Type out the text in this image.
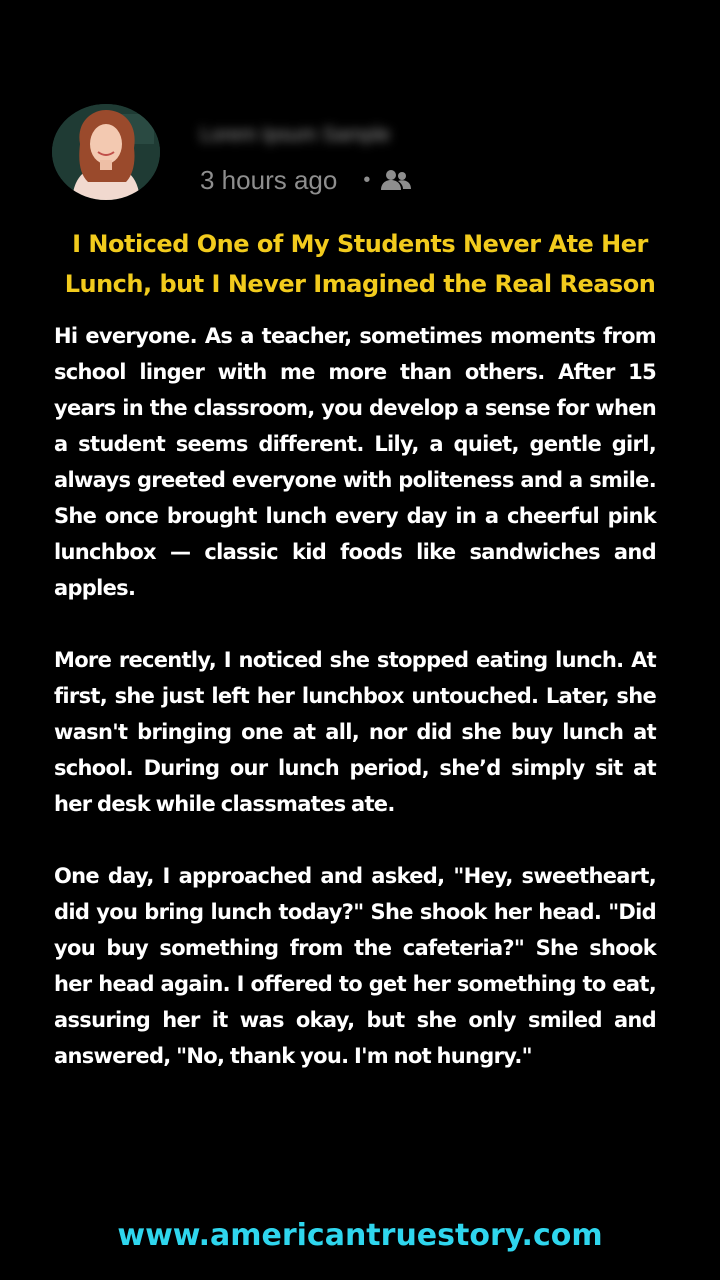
Lorem Ipsum Sample
3 hours ago •
I Noticed One of My Students Never Ate Her Lunch, but I Never Imagined the Real Reason

Hi everyone. As a teacher, sometimes moments from school linger with me more than others. After 15 years in the classroom, you develop a sense for when a student seems different. Lily, a quiet, gentle girl, always greeted everyone with politeness and a smile. She once brought lunch every day in a cheerful pink lunchbox — classic kid foods like sandwiches and apples.

More recently, I noticed she stopped eating lunch. At first, she just left her lunchbox untouched. Later, she wasn't bringing one at all, nor did she buy lunch at school. During our lunch period, she’d simply sit at her desk while classmates ate.

One day, I approached and asked, "Hey, sweetheart, did you bring lunch today?" She shook her head. "Did you buy something from the cafeteria?" She shook her head again. I offered to get her something to eat, assuring her it was okay, but she only smiled and answered, "No, thank you. I'm not hungry."

www.americantruestory.com
